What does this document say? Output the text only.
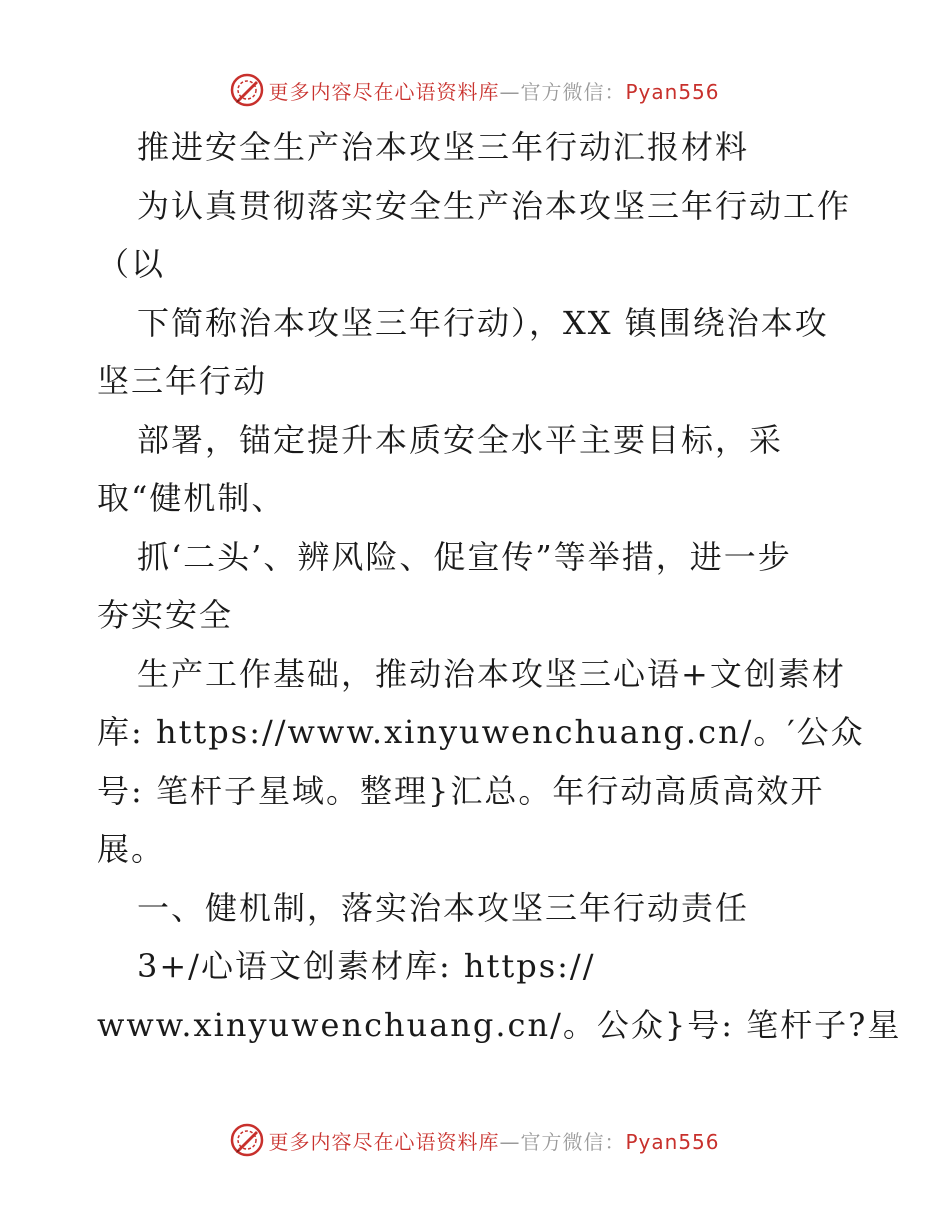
更多内容尽在心语资料库—官方微信：Pyan556
推进安全生产治本攻坚三年行动汇报材料
为认真贯彻落实安全生产治本攻坚三年行动工作
（以
下简称治本攻坚三年行动），XX 镇围绕治本攻
坚三年行动
部署，锚定提升本质安全水平主要目标，采
取“健机制、
抓‘二头’、辨风险、促宣传”等举措，进一步
夯实安全
生产工作基础，推动治本攻坚三心语+文创素材
库: https://www.xinyuwenchuang.cn/。′公众
号: 笔杆子星域。整理}汇总。年行动高质高效开
展。
一、健机制，落实治本攻坚三年行动责任
3+/心语文创素材库: https://
www.xinyuwenchuang.cn/。公众}号: 笔杆子?星
更多内容尽在心语资料库—官方微信：Pyan556
